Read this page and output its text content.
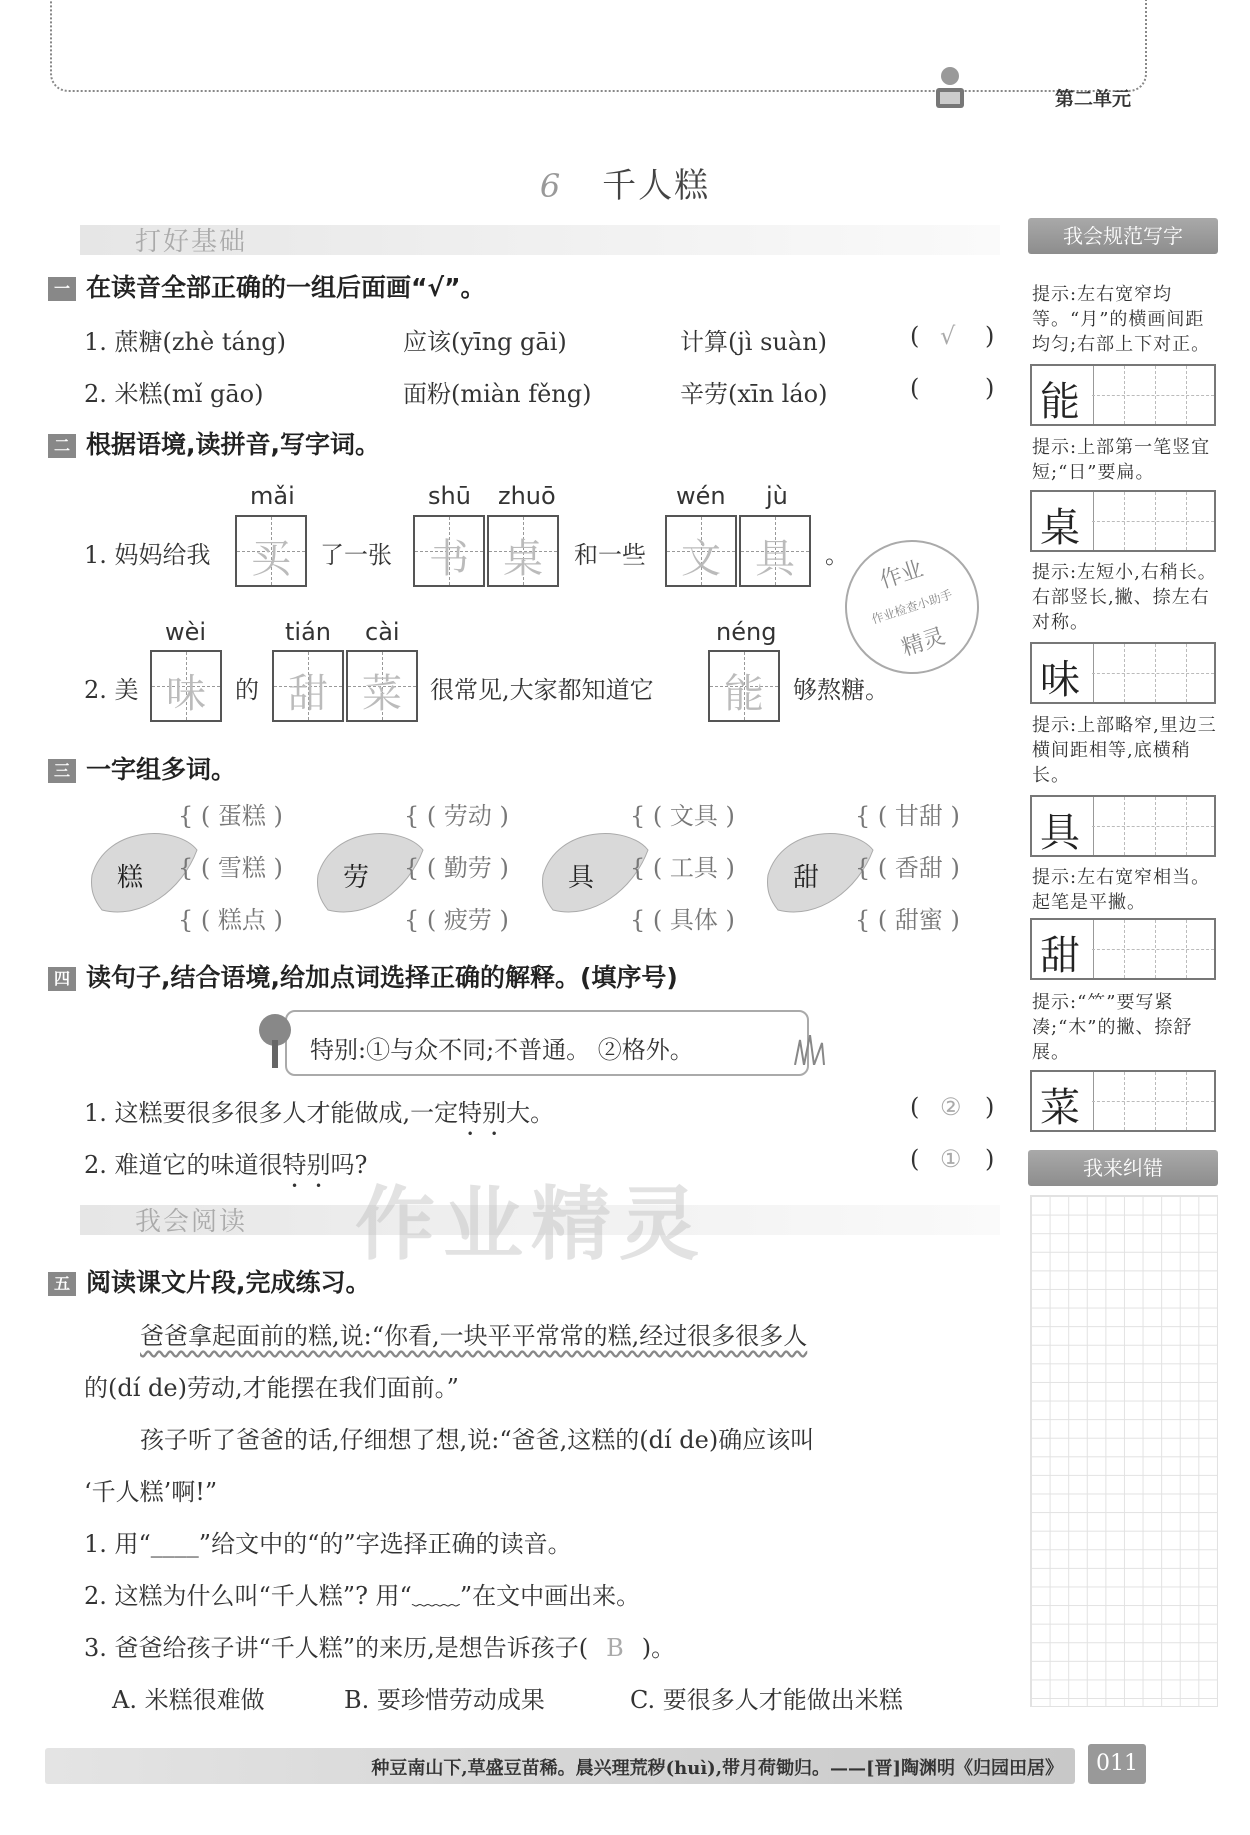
第二单元
6 千人糕
打好基础
一 在读音全部正确的一组后面画“√”。
1. 蔗糖(zhè táng)	应该(yīng gāi)	计算(jì suàn)	( √ )
2. 米糕(mǐ gāo)	面粉(miàn fěng)	辛劳(xīn láo)	(	)
二 根据语境,读拼音,写字词。
mǎi	shū zhuō	wén jù
1. 妈妈给我	买	了一张 书 桌	和一些 文 具	。
wèi	tián cài	néng
2. 美 味	的 甜 菜	很常见,大家都知道它	能	够熬糖。
作业
作业检查小助手
精灵
三 一字组多词。
糕
{ ( 蛋糕 )
{ ( 雪糕 )
{ ( 糕点 )
劳
{ ( 劳动 )
{ ( 勤劳 )
{ ( 疲劳 )
具
{ ( 文具 )
{ ( 工具 )
{ ( 具体 )
甜
{ ( 甘甜 )
{ ( 香甜 )
{ ( 甜蜜 )
四 读句子,结合语境,给加点词选择正确的解释。(填序号)
特别:①与众不同;不普通。 ②格外。
1. 这糕要很多很多人才能做成,一定特别大。	( ② )
2. 难道它的味道很特别吗?	( ① )
我会阅读
五 阅读课文片段,完成练习。
爸爸拿起面前的糕,说:“你看,一块平平常常的糕,经过很多很多人
的(dí de)劳动,才能摆在我们面前。”
孩子听了爸爸的话,仔细想了想,说:“爸爸,这糕的(dí de)确应该叫
‘千人糕’啊!”
1. 用“____”给文中的“的”字选择正确的读音。
2. 这糕为什么叫“千人糕”? 用“﹏﹏”在文中画出来。
3. 爸爸给孩子讲“千人糕”的来历,是想告诉孩子( B )。
A. 米糕很难做	B. 要珍惜劳动成果	C. 要很多人才能做出米糕
作业精灵
我会规范写字
提示:左右宽窄均等。“月”的横画间距均匀;右部上下对正。
能
提示:上部第一笔竖宜短;“日”要扁。
桌
提示:左短小,右稍长。右部竖长,撇、捺左右对称。
味
提示:上部略窄,里边三横间距相等,底横稍长。
具
提示:左右宽窄相当。起笔是平撇。
甜
提示:“⺮”要写紧凑;“木”的撇、捺舒展。
菜
我来纠错
种豆南山下,草盛豆苗稀。晨兴理荒秽(huì),带月荷锄归。——[晋]陶渊明《归园田居》	011
